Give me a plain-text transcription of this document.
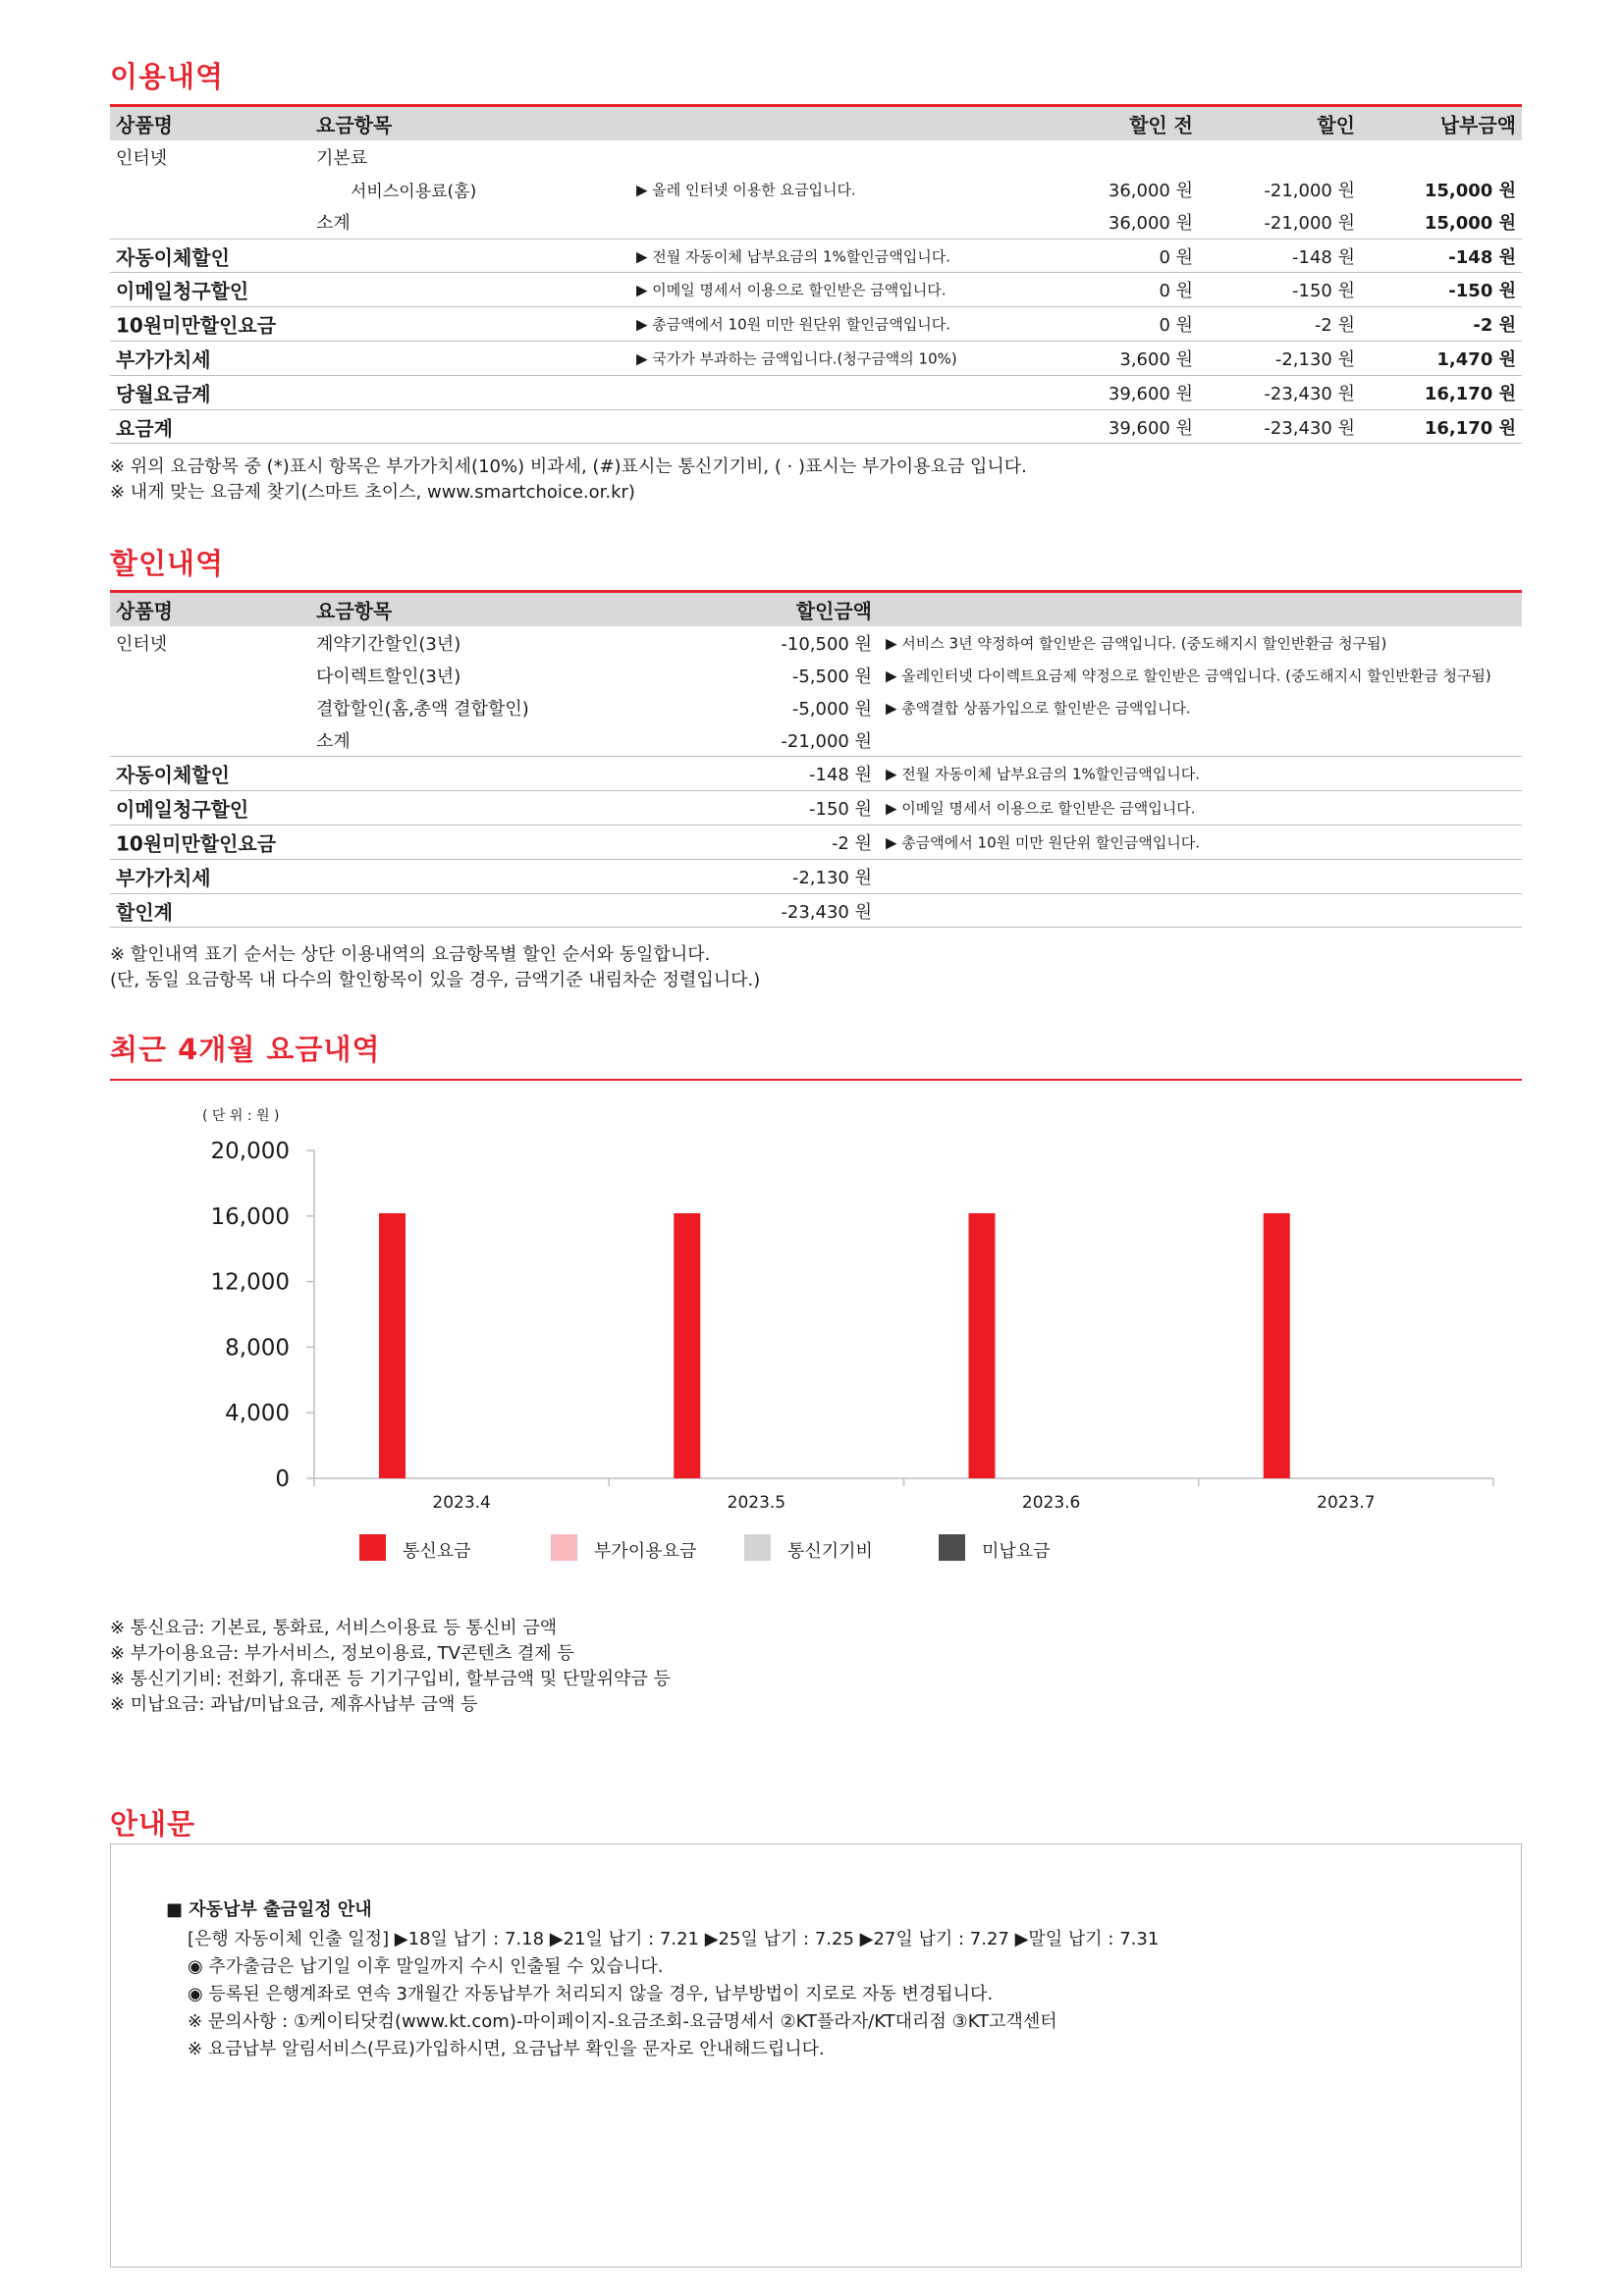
이용내역
상품명	요금항목	할인 전	할인	납부금액
인터넷	기본료
서비스이용료(홈)	▶ 올레 인터넷 이용한 요금입니다.	36,000 원	-21,000 원	15,000 원
소계	36,000 원	-21,000 원	15,000 원
자동이체할인	▶ 전월 자동이체 납부요금의 1%할인금액입니다.	0 원	-148 원	-148 원
이메일청구할인	▶ 이메일 명세서 이용으로 할인받은 금액입니다.	0 원	-150 원	-150 원
10원미만할인요금	▶ 총금액에서 10원 미만 원단위 할인금액입니다.	0 원	-2 원	-2 원
부가가치세	▶ 국가가 부과하는 금액입니다.(청구금액의 10%)	3,600 원	-2,130 원	1,470 원
당월요금계	39,600 원	-23,430 원	16,170 원
요금계	39,600 원	-23,430 원	16,170 원
※ 위의 요금항목 중 (*)표시 항목은 부가가치세(10%) 비과세, (#)표시는 통신기기비, ( · )표시는 부가이용요금 입니다.
※ 내게 맞는 요금제 찾기(스마트 초이스, www.smartchoice.or.kr)
할인내역
상품명	요금항목	할인금액
인터넷	계약기간할인(3년)	-10,500 원 ▶ 서비스 3년 약정하여 할인받은 금액입니다. (중도해지시 할인반환금 청구됨)
다이렉트할인(3년)	-5,500 원 ▶ 올레인터넷 다이렉트요금제 약정으로 할인받은 금액입니다. (중도해지시 할인반환금 청구됨)
결합할인(홈,총액 결합할인)	-5,000 원 ▶ 총액결합 상품가입으로 할인받은 금액입니다.
소계	-21,000 원
자동이체할인	-148 원 ▶ 전월 자동이체 납부요금의 1%할인금액입니다.
이메일청구할인	-150 원 ▶ 이메일 명세서 이용으로 할인받은 금액입니다.
10원미만할인요금	-2 원 ▶ 총금액에서 10원 미만 원단위 할인금액입니다.
부가가치세	-2,130 원
할인계	-23,430 원
※ 할인내역 표기 순서는 상단 이용내역의 요금항목별 할인 순서와 동일합니다.
(단, 동일 요금항목 내 다수의 할인항목이 있을 경우, 금액기준 내림차순 정렬입니다.)
최근 4개월 요금내역
( 단 위 : 원 )
0
4,000
8,000
12,000
16,000
20,000
2023.4	2023.5	2023.6	2023.7
통신요금	부가이용요금	통신기기비	미납요금
※ 통신요금: 기본료, 통화료, 서비스이용료 등 통신비 금액
※ 부가이용요금: 부가서비스, 정보이용료, TV콘텐츠 결제 등
※ 통신기기비: 전화기, 휴대폰 등 기기구입비, 할부금액 및 단말위약금 등
※ 미납요금: 과납/미납요금, 제휴사납부 금액 등
안내문
■ 자동납부 출금일정 안내
[은행 자동이체 인출 일정] ▶18일 납기 : 7.18 ▶21일 납기 : 7.21 ▶25일 납기 : 7.25 ▶27일 납기 : 7.27 ▶말일 납기 : 7.31
◉ 추가출금은 납기일 이후 말일까지 수시 인출될 수 있습니다.
◉ 등록된 은행계좌로 연속 3개월간 자동납부가 처리되지 않을 경우, 납부방법이 지로로 자동 변경됩니다.
※ 문의사항 : ①케이티닷컴(www.kt.com)-마이페이지-요금조회-요금명세서 ②KT플라자/KT대리점 ③KT고객센터
※ 요금납부 알림서비스(무료)가입하시면, 요금납부 확인을 문자로 안내해드립니다.
